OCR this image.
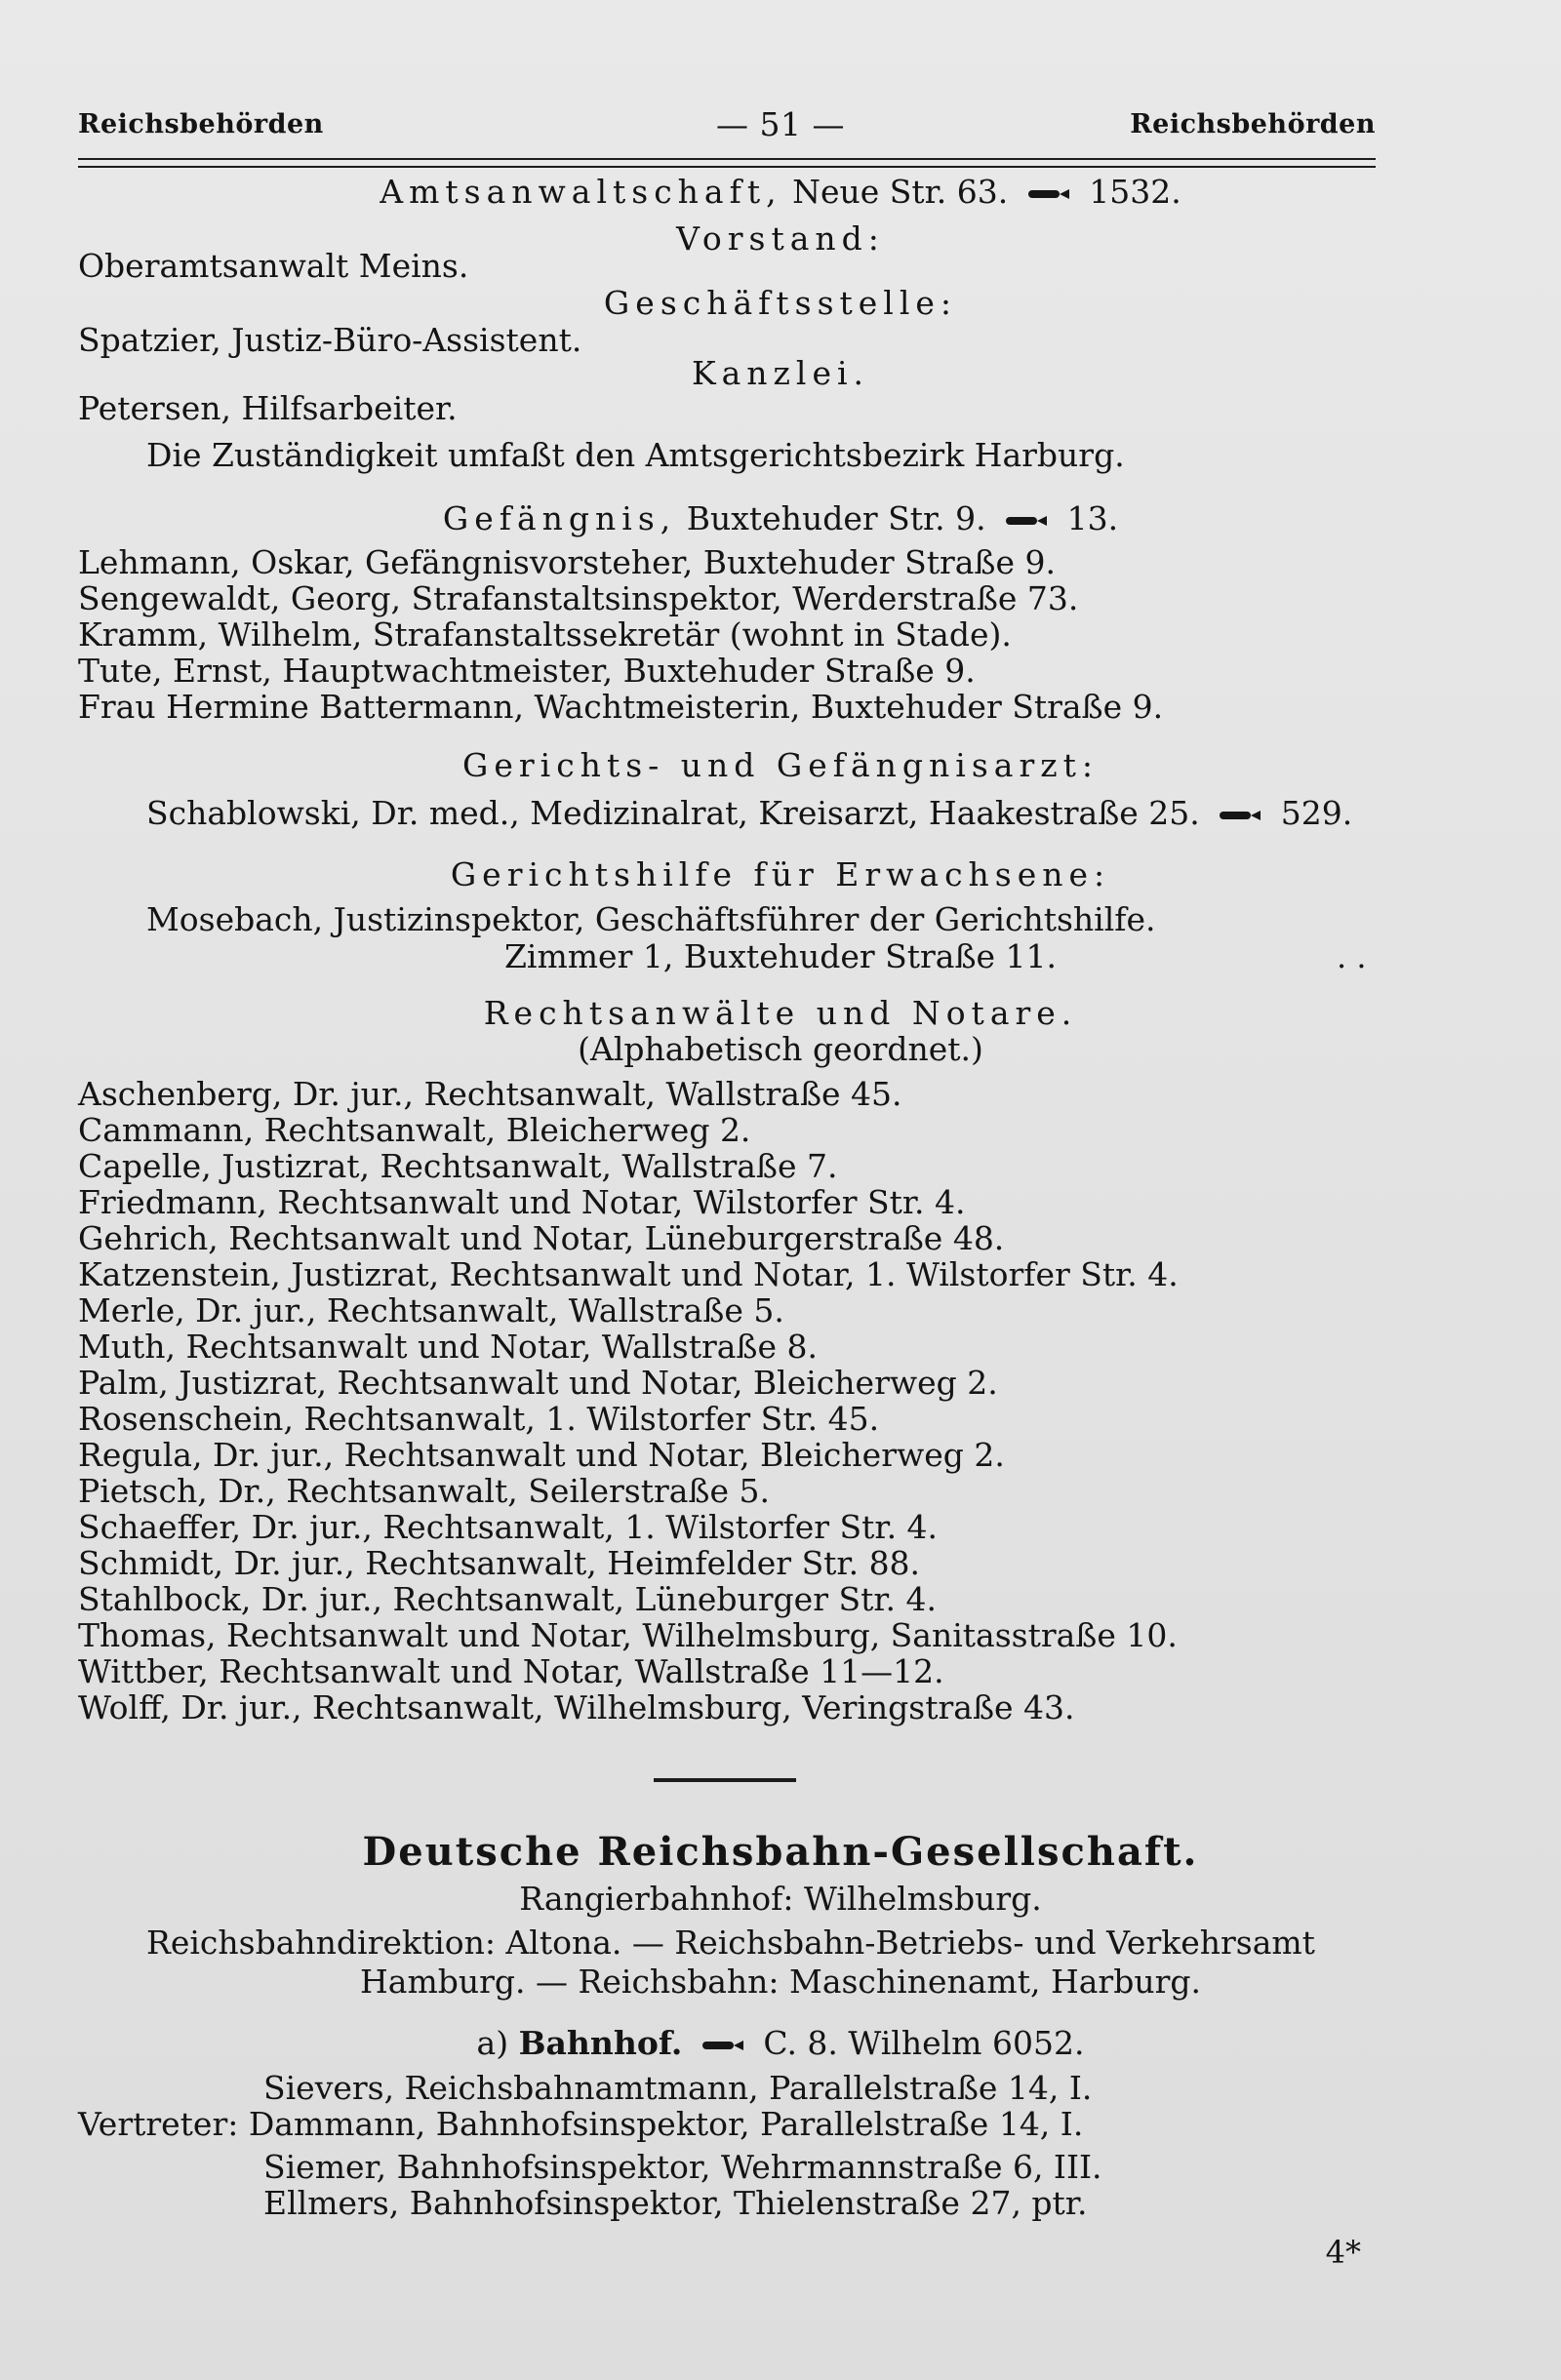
— 51 —
Reichsbehörden	Reichsbehörden
Amtsanwaltschaft, Neue Str. 63.	1532.
Vorstand:
Oberamtsanwalt Meins.
Geschäftsstelle:
Spatzier, Justiz-Büro-Assistent.
Kanzlei.
Petersen, Hilfsarbeiter.
Die Zuständigkeit umfaßt den Amtsgerichtsbezirk Harburg.
Gefängnis, Buxtehuder Str. 9.	13.
Lehmann, Oskar, Gefängnisvorsteher, Buxtehuder Straße 9.
Sengewaldt, Georg, Strafanstaltsinspektor, Werderstraße 73.
Kramm, Wilhelm, Strafanstaltssekretär (wohnt in Stade).
Tute, Ernst, Hauptwachtmeister, Buxtehuder Straße 9.
Frau Hermine Battermann, Wachtmeisterin, Buxtehuder Straße 9.
Gerichts- und Gefängnisarzt:
Schablowski, Dr. med., Medizinalrat, Kreisarzt, Haakestraße 25.	529.
Gerichtshilfe für Erwachsene:
Mosebach, Justizinspektor, Geschäftsführer der Gerichtshilfe.
Zimmer 1, Buxtehuder Straße 11.	. .
Rechtsanwälte und Notare.
(Alphabetisch geordnet.)
Aschenberg, Dr. jur., Rechtsanwalt, Wallstraße 45.
Cammann, Rechtsanwalt, Bleicherweg 2.
Capelle, Justizrat, Rechtsanwalt, Wallstraße 7.
Friedmann, Rechtsanwalt und Notar, Wilstorfer Str. 4.
Gehrich, Rechtsanwalt und Notar, Lüneburgerstraße 48.
Katzenstein, Justizrat, Rechtsanwalt und Notar, 1. Wilstorfer Str. 4.
Merle, Dr. jur., Rechtsanwalt, Wallstraße 5.
Muth, Rechtsanwalt und Notar, Wallstraße 8.
Palm, Justizrat, Rechtsanwalt und Notar, Bleicherweg 2.
Rosenschein, Rechtsanwalt, 1. Wilstorfer Str. 45.
Regula, Dr. jur., Rechtsanwalt und Notar, Bleicherweg 2.
Pietsch, Dr., Rechtsanwalt, Seilerstraße 5.
Schaeffer, Dr. jur., Rechtsanwalt, 1. Wilstorfer Str. 4.
Schmidt, Dr. jur., Rechtsanwalt, Heimfelder Str. 88.
Stahlbock, Dr. jur., Rechtsanwalt, Lüneburger Str. 4.
Thomas, Rechtsanwalt und Notar, Wilhelmsburg, Sanitasstraße 10.
Wittber, Rechtsanwalt und Notar, Wallstraße 11—12.
Wolff, Dr. jur., Rechtsanwalt, Wilhelmsburg, Veringstraße 43.
Deutsche Reichsbahn-Gesellschaft.
Rangierbahnhof: Wilhelmsburg.
Reichsbahndirektion: Altona. — Reichsbahn-Betriebs- und Verkehrsamt
Hamburg. — Reichsbahn: Maschinenamt, Harburg.
a) Bahnhof.	C. 8. Wilhelm 6052.
Sievers, Reichsbahnamtmann, Parallelstraße 14, I.
Vertreter: Dammann, Bahnhofsinspektor, Parallelstraße 14, I.
Siemer, Bahnhofsinspektor, Wehrmannstraße 6, III.
Ellmers, Bahnhofsinspektor, Thielenstraße 27, ptr.
4*
